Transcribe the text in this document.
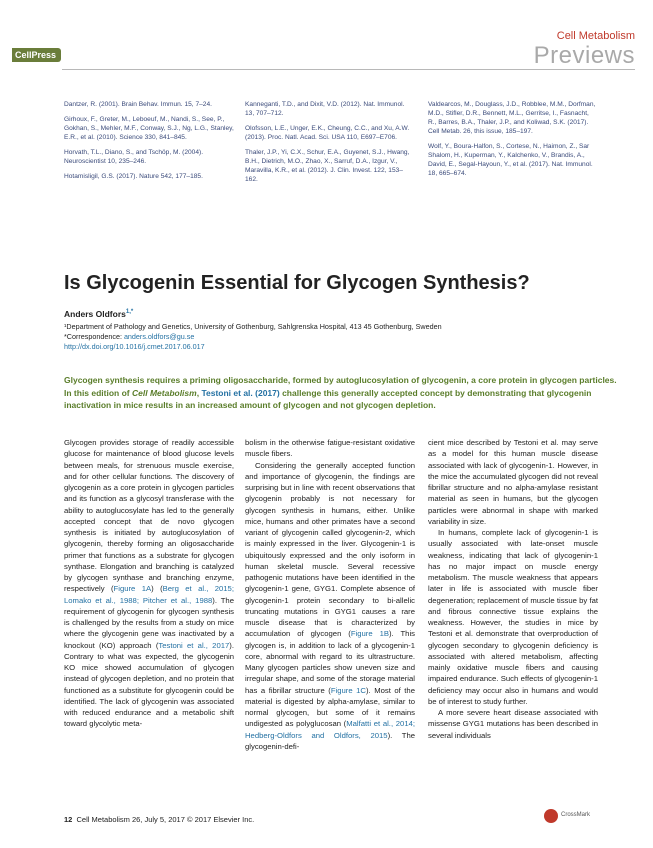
CellPress
Cell Metabolism
Previews

Dantzer, R. (2001). Brain Behav. Immun. 15, 7–24.

Girhoux, F., Greter, M., Leboeuf, M., Nandi, S., See, P., Gokhan, S., Mehler, M.F., Conway, S.J., Ng, L.G., Stanley, E.R., et al. (2010). Science 330, 841–845.

Horvath, T.L., Diano, S., and Tschöp, M. (2004). Neuroscientist 10, 235–246.

Hotamisligil, G.S. (2017). Nature 542, 177–185.

Kanneganti, T.D., and Dixit, V.D. (2012). Nat. Immunol. 13, 707–712.

Olofsson, L.E., Unger, E.K., Cheung, C.C., and Xu, A.W. (2013). Proc. Natl. Acad. Sci. USA 110, E697–E706.

Thaler, J.P., Yi, C.X., Schur, E.A., Guyenet, S.J., Hwang, B.H., Dietrich, M.O., Zhao, X., Sarruf, D.A., Izgur, V., Maravilla, K.R., et al. (2012). J. Clin. Invest. 122, 153–162.

Valdearcos, M., Douglass, J.D., Robblee, M.M., Dorfman, M.D., Stifler, D.R., Bennett, M.L., Gerritse, I., Fasnacht, R., Barres, B.A., Thaler, J.P., and Koliwad, S.K. (2017). Cell Metab. 26, this issue, 185–197.

Wolf, Y., Boura-Halfon, S., Cortese, N., Haimon, Z., Sar Shalom, H., Kuperman, Y., Kalchenko, V., Brandis, A., David, E., Segal-Hayoun, Y., et al. (2017). Nat. Immunol. 18, 665–674.

Is Glycogenin Essential for Glycogen Synthesis?
Anders Oldfors$^{1,*}$
¹Department of Pathology and Genetics, University of Gothenburg, Sahlgrenska Hospital, 413 45 Gothenburg, Sweden
*Correspondence: anders.oldfors@gu.se
http://dx.doi.org/10.1016/j.cmet.2017.06.017
Glycogen synthesis requires a priming oligosaccharide, formed by autoglucosylation of glycogenin, a core protein in glycogen particles. In this edition of Cell Metabolism, Testoni et al. (2017) challenge this generally accepted concept by demonstrating that glycogenin inactivation in mice results in an increased amount of glycogen and not glycogen depletion.

Glycogen provides storage of readily accessible glucose for maintenance of blood glucose levels between meals, for strenuous muscle exercise, and for other cellular functions. The discovery of glycogenin as a core protein in glycogen particles and its function as a glycosyl transferase with the ability to autoglucosylate has led to the generally accepted concept that de novo glycogen synthesis is initiated by autoglucosylation of glycogenin, thereby forming an oligosaccharide primer that functions as a substrate for glycogen synthase. Elongation and branching is catalyzed by glycogen synthase and branching enzyme, respectively (Figure 1A) (Berg et al., 2015; Lomako et al., 1988; Pitcher et al., 1988). The requirement of glycogenin for glycogen synthesis is challenged by the results from a study on mice where the glycogenin gene was inactivated by a knockout (KO) approach (Testoni et al., 2017). Contrary to what was expected, the glycogenin KO mice showed accumulation of glycogen instead of glycogen depletion, and no protein that functioned as a substitute for glycogenin could be identified. The lack of glycogenin was associated with reduced endurance and a metabolic shift toward glycolytic meta-

bolism in the otherwise fatigue-resistant oxidative muscle fibers.

Considering the generally accepted function and importance of glycogenin, the findings are surprising but in line with recent observations that glycogenin probably is not necessary for glycogen synthesis in humans, either. Unlike mice, humans and other primates have a second variant of glycogenin called glycogenin-2, which is mainly expressed in the liver. Glycogenin-1 is ubiquitously expressed and the only isoform in human skeletal muscle. Several recessive pathogenic mutations have been identified in the glycogenin-1 gene, GYG1. Complete absence of glycogenin-1 protein secondary to bi-allelic truncating mutations in GYG1 causes a rare muscle disease that is characterized by accumulation of glycogen (Figure 1B). This glycogen is, in addition to lack of a glycogenin-1 core, abnormal with regard to its ultrastructure. Many glycogen particles show uneven size and irregular shape, and some of the storage material has a fibrillar structure (Figure 1C). Most of the material is digested by alpha-amylase, similar to normal glycogen, but some of it remains undigested as polyglucosan (Malfatti et al., 2014; Hedberg-Oldfors and Oldfors, 2015). The glycogenin-defi-

cient mice described by Testoni et al. may serve as a model for this human muscle disease associated with lack of glycogenin-1. However, in the mice the accumulated glycogen did not reveal fibrillar structure and no alpha-amylase resistant material as seen in humans, but the glycogen particles were abnormal in shape with marked variability in size.

In humans, complete lack of glycogenin-1 is usually associated with late-onset muscle weakness, indicating that lack of glycogenin-1 has no major impact on muscle energy metabolism. The muscle weakness that appears later in life is associated with muscle fiber degeneration; replacement of muscle tissue by fat and fibrous connective tissue explains the weakness. However, the studies in mice by Testoni et al. demonstrate that overproduction of glycogen secondary to glycogenin deficiency is associated with altered metabolism, affecting mainly oxidative muscle fibers and causing impaired endurance. Such effects of glycogenin-1 deficiency may occur also in humans and would be of interest to study further.

A more severe heart disease associated with missense GYG1 mutations has been described in several individuals

12 Cell Metabolism 26, July 5, 2017 © 2017 Elsevier Inc.	CrossMark
